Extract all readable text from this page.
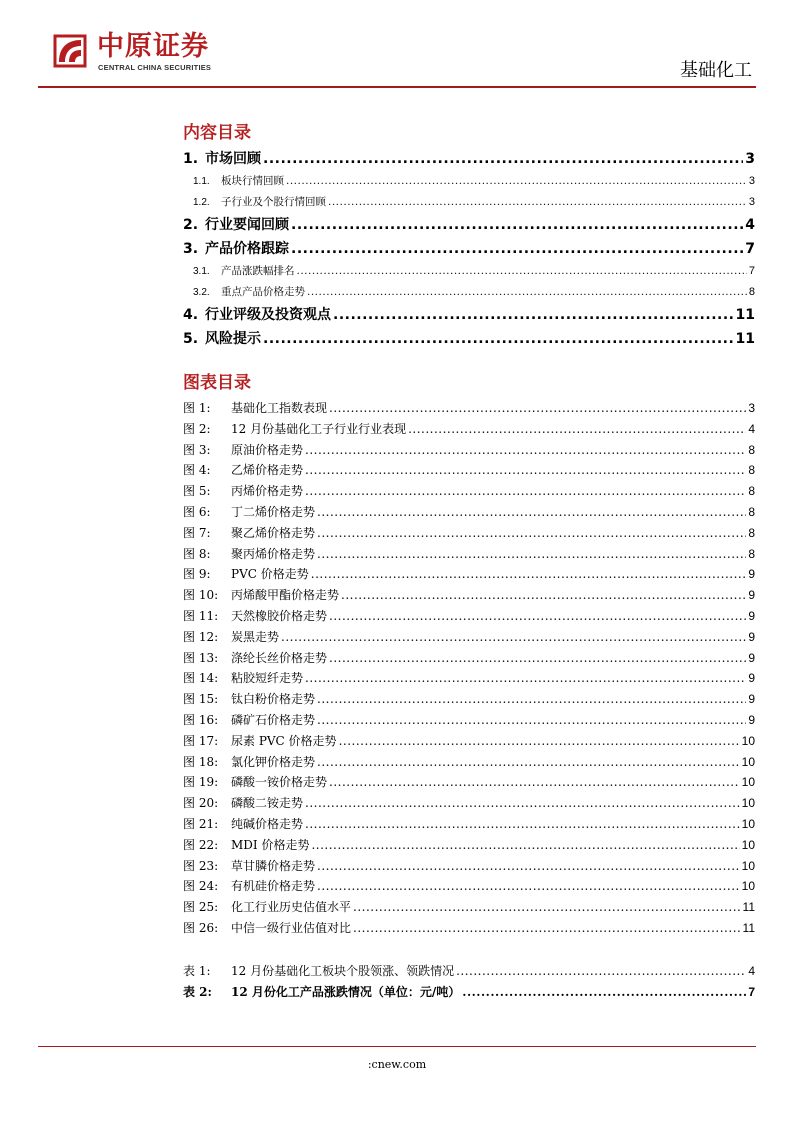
中原证券
CENTRAL CHINA SECURITIES	基础化工
内容目录
1. 市场回顾 .....	3
1.1.	板块行情回顾 .....	3
1.2.	子行业及个股行情回顾 .....	3
2. 行业要闻回顾 .....	4
3. 产品价格跟踪 .....	7
3.1.	产品涨跌幅排名 .....	7
3.2.	重点产品价格走势 .....	8
4. 行业评级及投资观点 .....	11
5. 风险提示 .....	11
图表目录
图 1:	基础化工指数表现 .....	3
图 2:	12 月份基础化工子行业行业表现 .....	4
图 3:	原油价格走势 .....	8
图 4:	乙烯价格走势 .....	8
图 5:	丙烯价格走势 .....	8
图 6:	丁二烯价格走势 .....	8
图 7:	聚乙烯价格走势 .....	8
图 8:	聚丙烯价格走势 .....	8
图 9:	PVC 价格走势 .....	9
图 10:	丙烯酸甲酯价格走势 .....	9
图 11:	天然橡胶价格走势 .....	9
图 12:	炭黑走势 .....	9
图 13:	涤纶长丝价格走势 .....	9
图 14:	粘胶短纤走势 .....	9
图 15:	钛白粉价格走势 .....	9
图 16:	磷矿石价格走势 .....	9
图 17:	尿素 PVC 价格走势 .....	10
图 18:	氯化钾价格走势 .....	10
图 19:	磷酸一铵价格走势 .....	10
图 20:	磷酸二铵走势 .....	10
图 21:	纯碱价格走势 .....	10
图 22:	MDI 价格走势 .....	10
图 23:	草甘膦价格走势 .....	10
图 24:	有机硅价格走势 .....	10
图 25:	化工行业历史估值水平 .....	11
图 26:	中信一级行业估值对比 .....	11
表 1:	12 月份基础化工板块个股领涨、领跌情况 .....	4
表 2:	12 月份化工产品涨跌情况（单位：元/吨） .....	7
:cnew.com
